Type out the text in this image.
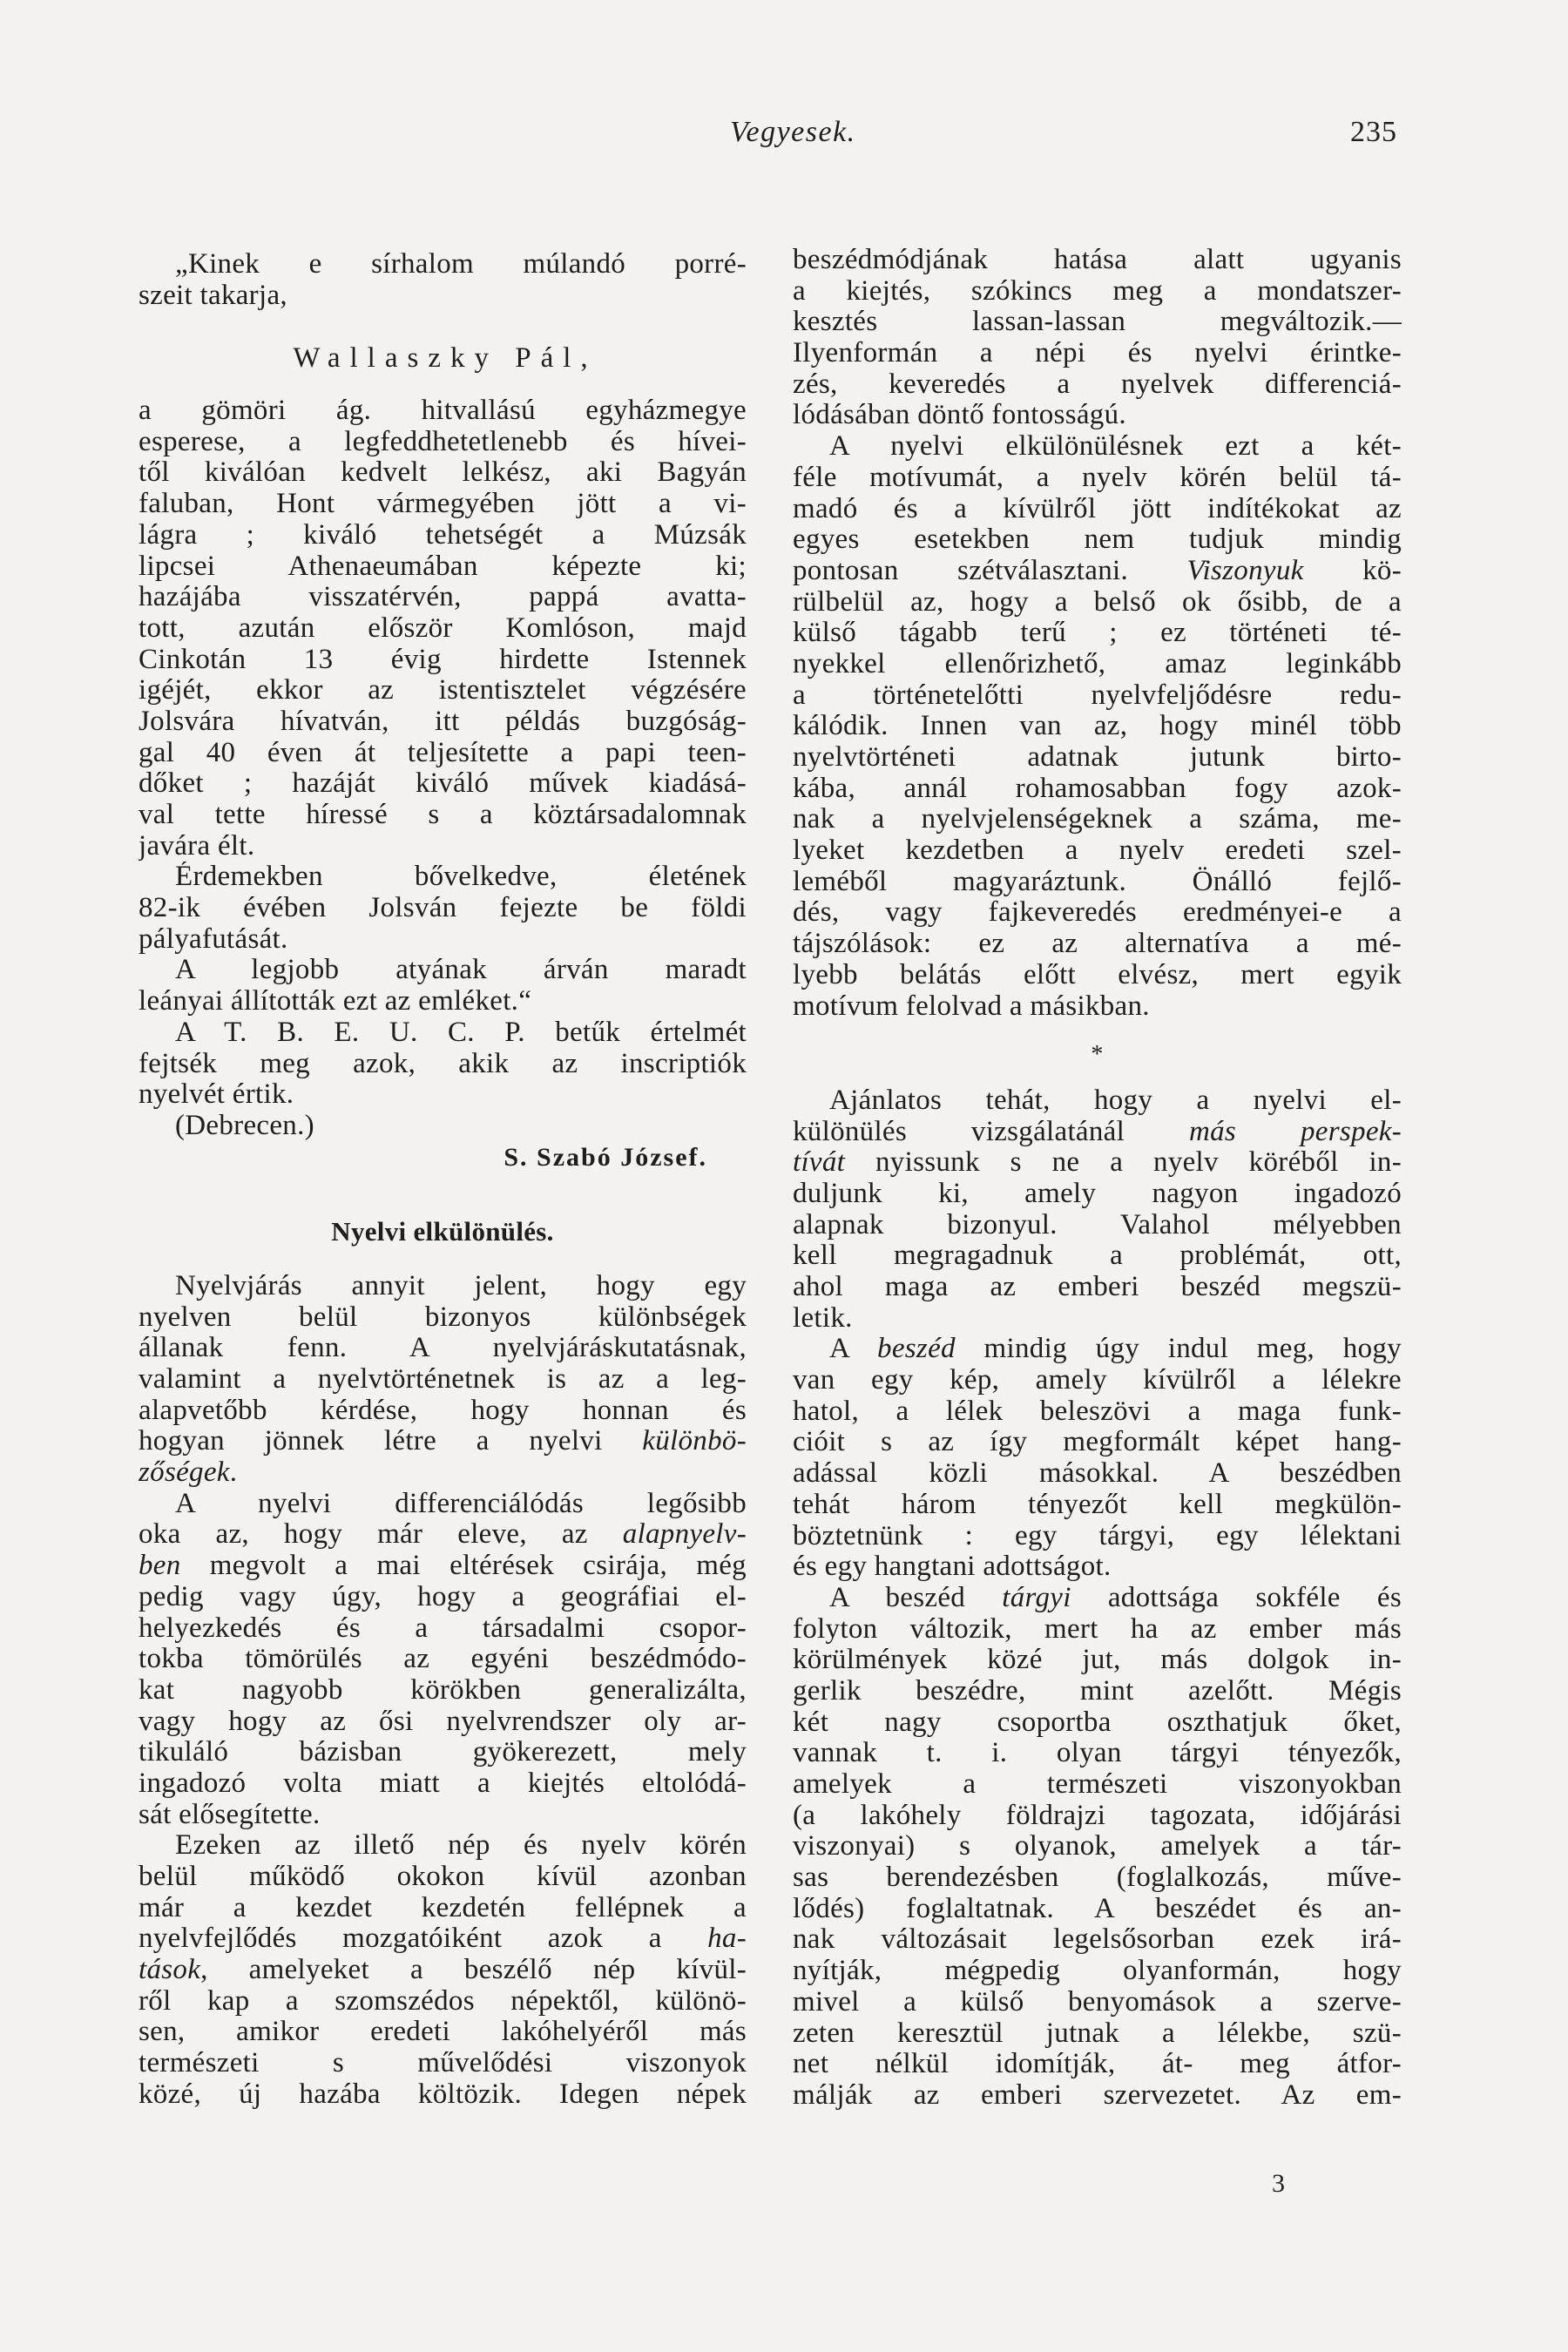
Vegyesek.	235
„Kinek e sírhalom múlandó porré-
szeit takarja,
Wallaszky Pál,
a gömöri ág. hitvallású egyházmegye
esperese, a legfeddhetetlenebb és hívei-
től kiválóan kedvelt lelkész, aki Bagyán
faluban, Hont vármegyében jött a vi-
lágra ; kiváló tehetségét a Múzsák
lipcsei Athenaeumában képezte ki;
hazájába visszatérvén, pappá avatta-
tott, azután először Komlóson, majd
Cinkotán 13 évig hirdette Istennek
igéjét, ekkor az istentisztelet végzésére
Jolsvára hívatván, itt példás buzgóság-
gal 40 éven át teljesítette a papi teen-
dőket ; hazáját kiváló művek kiadásá-
val tette híressé s a köztársadalomnak
javára élt.
Érdemekben bővelkedve, életének
82-ik évében Jolsván fejezte be földi
pályafutását.
A legjobb atyának árván maradt
leányai állították ezt az emléket.“
A T. B. E. U. C. P. betűk értelmét
fejtsék meg azok, akik az inscriptiók
nyelvét értik.
(Debrecen.)
S. Szabó József.
Nyelvi elkülönülés.
Nyelvjárás annyit jelent, hogy egy
nyelven belül bizonyos különbségek
állanak fenn. A nyelvjáráskutatásnak,
valamint a nyelvtörténetnek is az a leg-
alapvetőbb kérdése, hogy honnan és
hogyan jönnek létre a nyelvi különbö-
zőségek.
A nyelvi differenciálódás legősibb
oka az, hogy már eleve, az alapnyelv-
ben megvolt a mai eltérések csirája, még
pedig vagy úgy, hogy a geográfiai el-
helyezkedés és a társadalmi csopor-
tokba tömörülés az egyéni beszédmódo-
kat nagyobb körökben generalizálta,
vagy hogy az ősi nyelvrendszer oly ar-
tikuláló bázisban gyökerezett, mely
ingadozó volta miatt a kiejtés eltolódá-
sát elősegítette.
Ezeken az illető nép és nyelv körén
belül működő okokon kívül azonban
már a kezdet kezdetén fellépnek a
nyelvfejlődés mozgatóiként azok a ha-
tások, amelyeket a beszélő nép kívül-
ről kap a szomszédos népektől, különö-
sen, amikor eredeti lakóhelyéről más
természeti s művelődési viszonyok
közé, új hazába költözik. Idegen népek
beszédmódjának hatása alatt ugyanis
a kiejtés, szókincs meg a mondatszer-
kesztés lassan-lassan megváltozik.—
Ilyenformán a népi és nyelvi érintke-
zés, keveredés a nyelvek differenciá-
lódásában döntő fontosságú.
A nyelvi elkülönülésnek ezt a két-
féle motívumát, a nyelv körén belül tá-
madó és a kívülről jött indítékokat az
egyes esetekben nem tudjuk mindig
pontosan szétválasztani. Viszonyuk kö-
rülbelül az, hogy a belső ok ősibb, de a
külső tágabb terű ; ez történeti té-
nyekkel ellenőrizhető, amaz leginkább
a történetelőtti nyelvfeljődésre redu-
kálódik. Innen van az, hogy minél több
nyelvtörténeti adatnak jutunk birto-
kába, annál rohamosabban fogy azok-
nak a nyelvjelenségeknek a száma, me-
lyeket kezdetben a nyelv eredeti szel-
leméből magyaráztunk. Önálló fejlő-
dés, vagy fajkeveredés eredményei-e a
tájszólások: ez az alternatíva a mé-
lyebb belátás előtt elvész, mert egyik
motívum felolvad a másikban.
*
Ajánlatos tehát, hogy a nyelvi el-
különülés vizsgálatánál más perspek-
tívát nyissunk s ne a nyelv köréből in-
duljunk ki, amely nagyon ingadozó
alapnak bizonyul. Valahol mélyebben
kell megragadnuk a problémát, ott,
ahol maga az emberi beszéd megszü-
letik.
A beszéd mindig úgy indul meg, hogy
van egy kép, amely kívülről a lélekre
hatol, a lélek beleszövi a maga funk-
cióit s az így megformált képet hang-
adással közli másokkal. A beszédben
tehát három tényezőt kell megkülön-
böztetnünk : egy tárgyi, egy lélektani
és egy hangtani adottságot.
A beszéd tárgyi adottsága sokféle és
folyton változik, mert ha az ember más
körülmények közé jut, más dolgok in-
gerlik beszédre, mint azelőtt. Mégis
két nagy csoportba oszthatjuk őket,
vannak t. i. olyan tárgyi tényezők,
amelyek a természeti viszonyokban
(a lakóhely földrajzi tagozata, időjárási
viszonyai) s olyanok, amelyek a tár-
sas berendezésben (foglalkozás, műve-
lődés) foglaltatnak. A beszédet és an-
nak változásait legelsősorban ezek irá-
nyítják, mégpedig olyanformán, hogy
mivel a külső benyomások a szerve-
zeten keresztül jutnak a lélekbe, szü-
net nélkül idomítják, át- meg átfor-
málják az emberi szervezetet. Az em-
3
